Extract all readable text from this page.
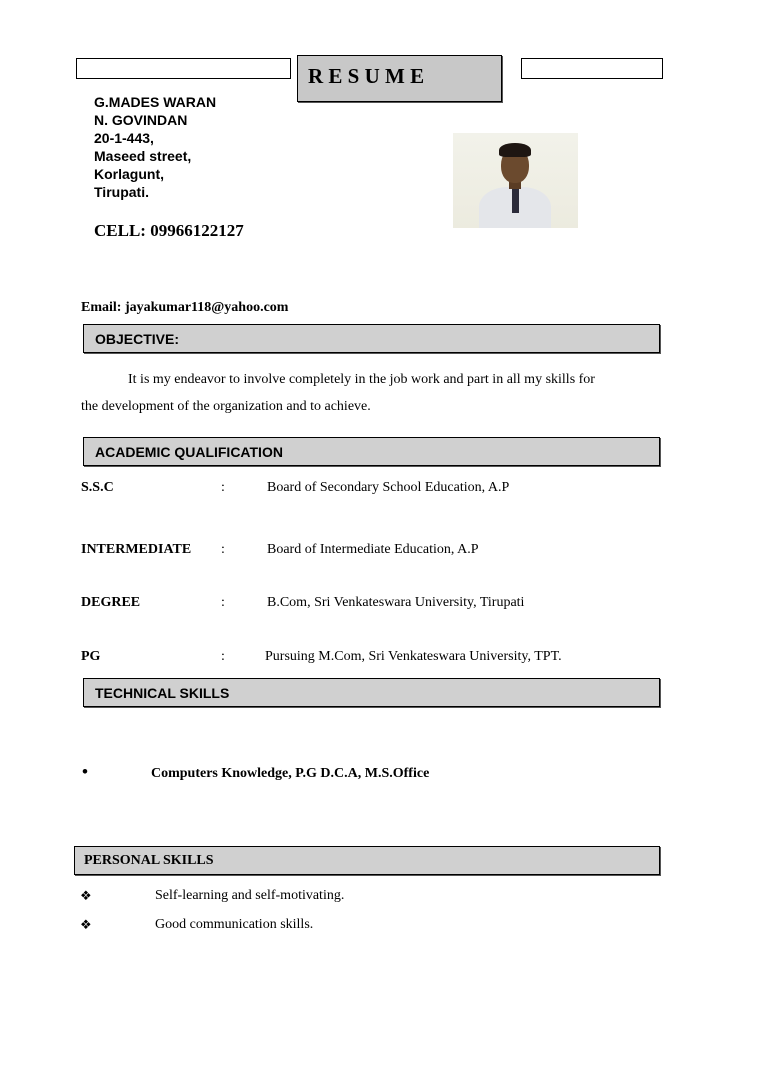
R E S U M E
G.MADES WARAN
N. GOVINDAN
20-1-443,
Maseed street,
Korlagunt,
Tirupati.
CELL: 09966122127
Email: jayakumar118@yahoo.com
OBJECTIVE:
It is my endeavor to involve completely in the job work and part in all my skills for
the development of the organization and to achieve.
ACADEMIC QUALIFICATION
S.S.C	:	Board of Secondary School Education, A.P
INTERMEDIATE :	Board of Intermediate Education, A.P
DEGREE	:	B.Com, Sri Venkateswara University, Tirupati
PG	:	Pursuing M.Com, Sri Venkateswara University, TPT.
TECHNICAL SKILLS
•	Computers Knowledge, P.G D.C.A, M.S.Office
PERSONAL SKILLS
❖	Self-learning and self-motivating.
❖	Good communication skills.
